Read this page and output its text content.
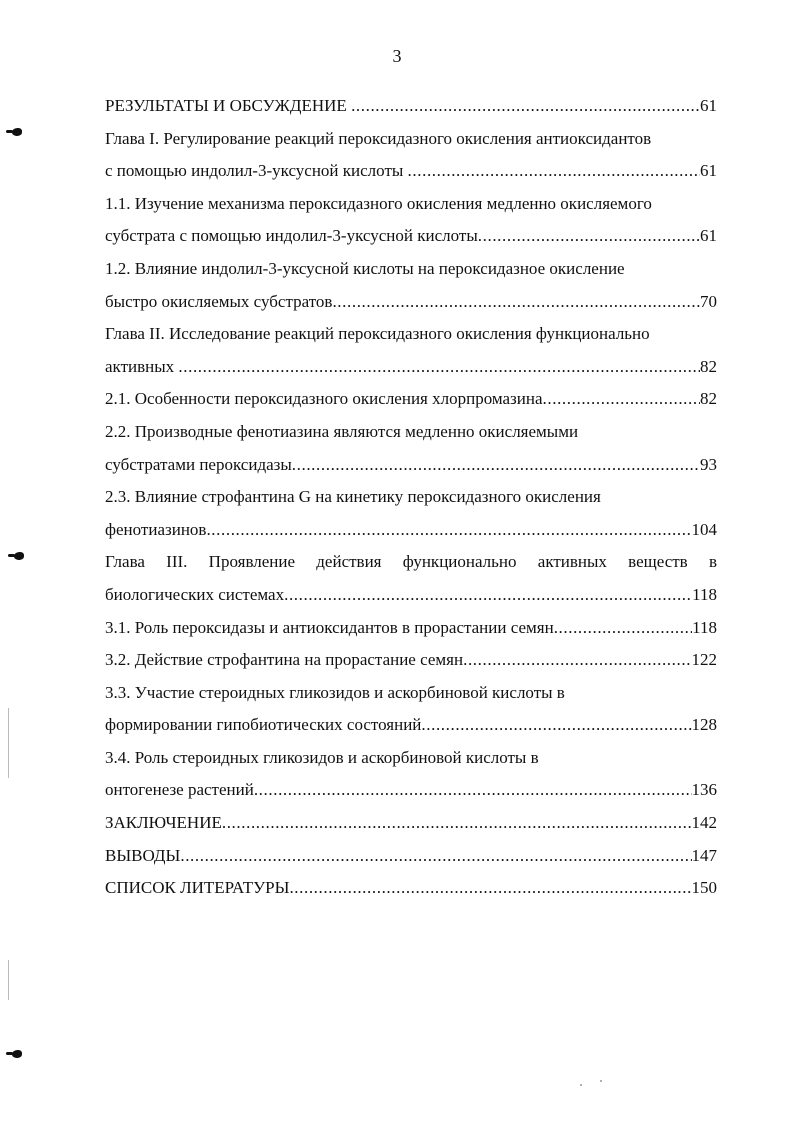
3
РЕЗУЛЬТАТЫ И ОБСУЖДЕНИЕ .....	61
Глава I. Регулирование реакций пероксидазного окисления антиоксидантов
с помощью индолил-3-уксусной кислоты .....	61
1.1. Изучение механизма пероксидазного окисления медленно окисляемого
субстрата с помощью индолил-3-уксусной кислоты .....	61
1.2. Влияние индолил-3-уксусной кислоты на пероксидазное окисление
быстро окисляемых субстратов .....	70
Глава II. Исследование реакций пероксидазного окисления функционально
активных .....	82
2.1. Особенности пероксидазного окисления хлорпромазина .....	82
2.2. Производные фенотиазина являются медленно окисляемыми
субстратами пероксидазы .....	93
2.3. Влияние строфантина G на кинетику пероксидазного окисления
фенотиазинов .....	104
Глава III. Проявление действия функционально активных веществ в
биологических системах .....	118
3.1. Роль пероксидазы и антиоксидантов в прорастании семян .....	118
3.2. Действие строфантина на прорастание семян .....	122
3.3. Участие стероидных гликозидов и аскорбиновой кислоты в
формировании гипобиотических состояний .....	128
3.4. Роль стероидных гликозидов и аскорбиновой кислоты в
онтогенезе растений .....	136
ЗАКЛЮЧЕНИЕ .....	142
ВЫВОДЫ .....	147
СПИСОК ЛИТЕРАТУРЫ .....	150
